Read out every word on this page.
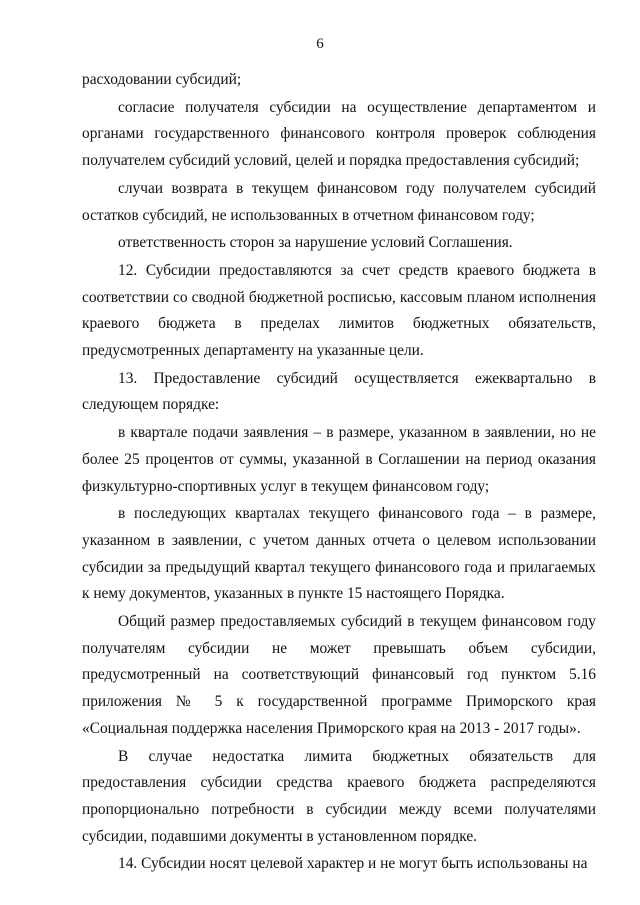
6

расходовании субсидий;

согласие получателя субсидии на осуществление департаментом и органами государственного финансового контроля проверок соблюдения получателем субсидий условий, целей и порядка предоставления субсидий;

случаи возврата в текущем финансовом году получателем субсидий остатков субсидий, не использованных в отчетном финансовом году;

ответственность сторон за нарушение условий Соглашения.

12. Субсидии предоставляются за счет средств краевого бюджета в соответствии со сводной бюджетной росписью, кассовым планом исполнения краевого бюджета в пределах лимитов бюджетных обязательств, предусмотренных департаменту на указанные цели.

13. Предоставление субсидий осуществляется ежеквартально в следующем порядке:

в квартале подачи заявления – в размере, указанном в заявлении, но не более 25 процентов от суммы, указанной в Соглашении на период оказания физкультурно-спортивных услуг в текущем финансовом году;

в последующих кварталах текущего финансового года – в размере, указанном в заявлении, с учетом данных отчета о целевом использовании субсидии за предыдущий квартал текущего финансового года и прилагаемых к нему документов, указанных в пункте 15 настоящего Порядка.

Общий размер предоставляемых субсидий в текущем финансовом году получателям субсидии не может превышать объем субсидии, предусмотренный на соответствующий финансовый год пунктом 5.16 приложения № 5 к государственной программе Приморского края «Социальная поддержка населения Приморского края на 2013 - 2017 годы».

В случае недостатка лимита бюджетных обязательств для предоставления субсидии средства краевого бюджета распределяются пропорционально потребности в субсидии между всеми получателями субсидии, подавшими документы в установленном порядке.

14. Субсидии носят целевой характер и не могут быть использованы на
